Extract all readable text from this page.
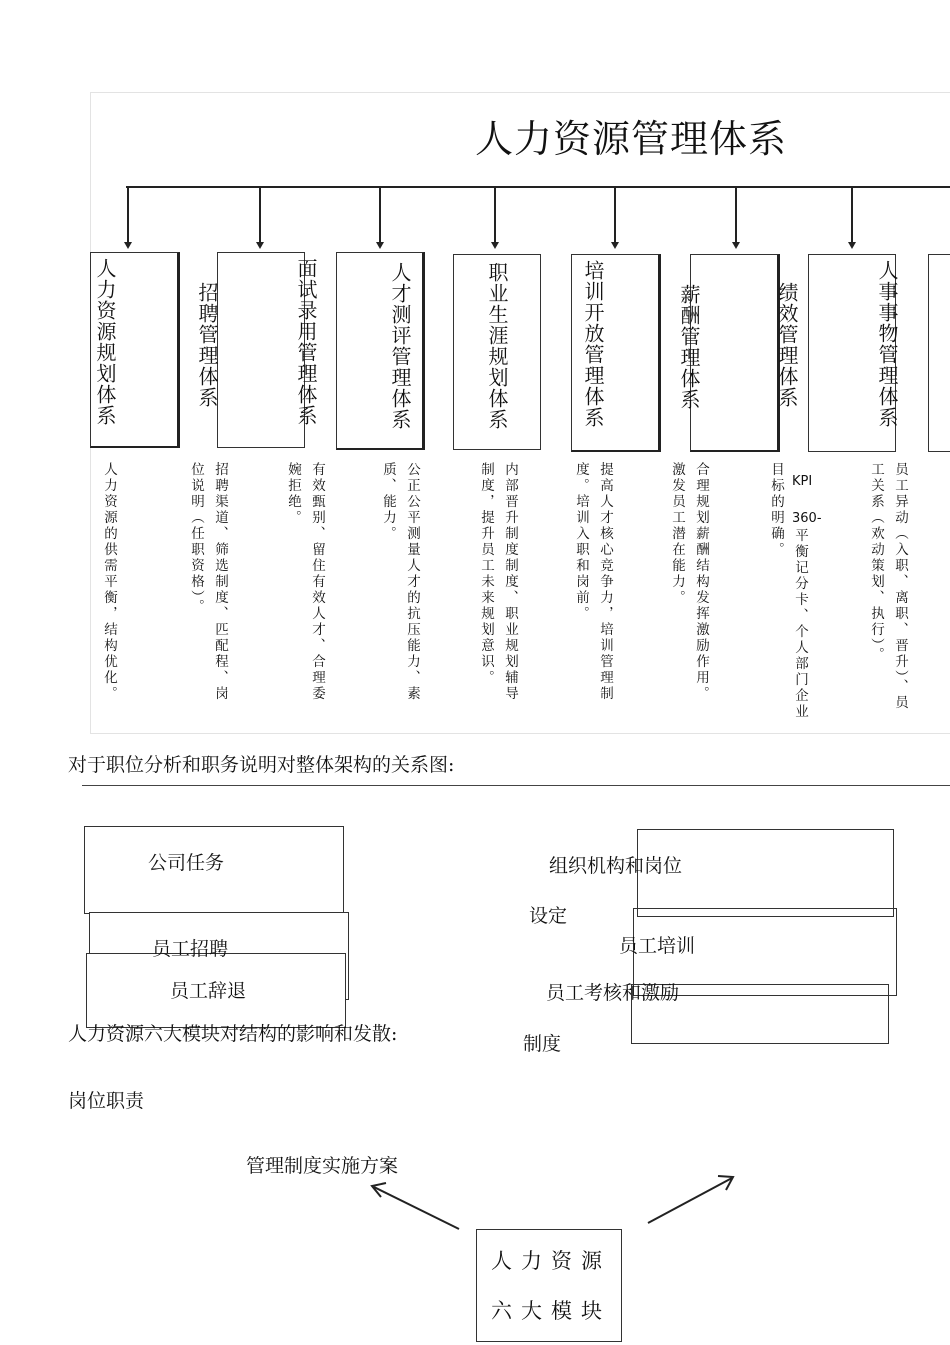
人力资源管理体系
人力资源规划体系	招聘管理体系	面试录用管理体系	人才测评管理体系	职业生涯规划体系	培训开放管理体系	薪酬管理体系	绩效管理体系	人事事物管理体系
人力资源的供需平衡，结构优化。	招聘渠道、筛选制度、匹配程、岗
位说明（任职资格）。	有效甄别、留住有效人才、合理委
婉拒绝。	公正公平测量人才的抗压能力、素
质、能力。	内部晋升制度制度、职业规划辅导
制度，提升员工未来规划意识。	提高人才核心竞争力，培训管理制
度。培训入职和岗前。	合理规划薪酬结构发挥激励作用。
激发员工潜在能力。	KPI
360-
平衡记分卡、个人部门企业
目标的明确。	员工异动（入职、离职、晋升）、员
工关系（欢动策划、执行）。
对于职位分析和职务说明对整体架构的关系图:
公司任务
员工招聘
员工辞退
组织机构和岗位
设定
员工培训
员工考核和激励
制度
人力资源六大模块对结构的影响和发散:
岗位职责
管理制度实施方案
人力资源
六大模块
